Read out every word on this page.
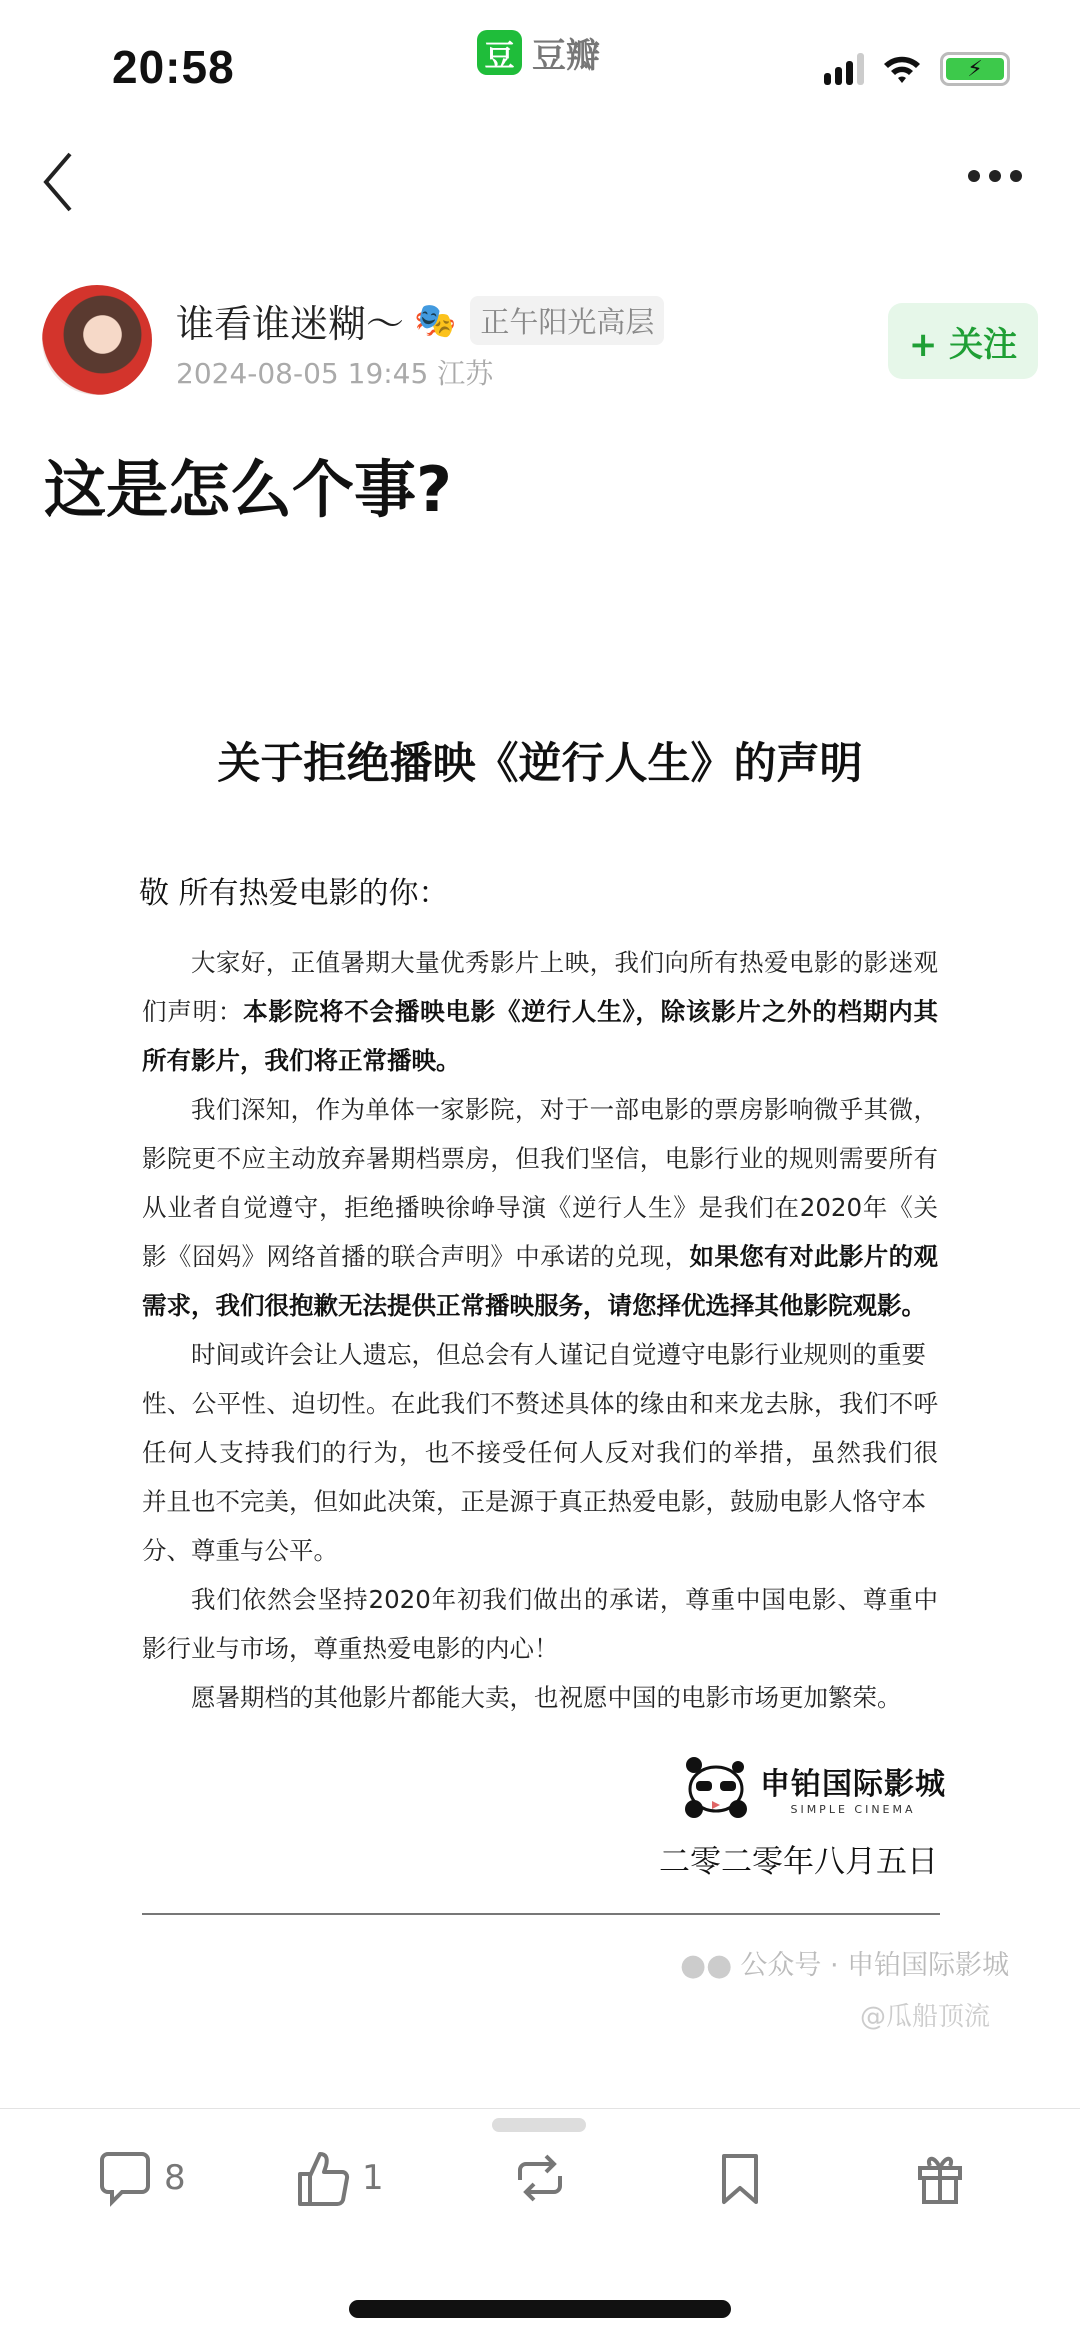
20:58	豆 豆瓣	⚡
谁看谁迷糊～ 🎭 正午阳光高层
2024-08-05 19:45 江苏
+ 关注
这是怎么个事?
关于拒绝播映《逆行人生》的声明
敬 所有热爱电影的你：
大家好，正值暑期大量优秀影片上映，我们向所有热爱电影的影迷观
们声明：本影院将不会播映电影《逆行人生》，除该影片之外的档期内其
所有影片，我们将正常播映。
我们深知，作为单体一家影院，对于一部电影的票房影响微乎其微，
影院更不应主动放弃暑期档票房，但我们坚信，电影行业的规则需要所有
从业者自觉遵守，拒绝播映徐峥导演《逆行人生》是我们在2020年《关
影《囧妈》网络首播的联合声明》中承诺的兑现，如果您有对此影片的观
需求，我们很抱歉无法提供正常播映服务，请您择优选择其他影院观影。
时间或许会让人遗忘，但总会有人谨记自觉遵守电影行业规则的重要
性、公平性、迫切性。在此我们不赘述具体的缘由和来龙去脉，我们不呼
任何人支持我们的行为，也不接受任何人反对我们的举措，虽然我们很
并且也不完美，但如此决策，正是源于真正热爱电影，鼓励电影人恪守本
分、尊重与公平。
我们依然会坚持2020年初我们做出的承诺，尊重中国电影、尊重中
影行业与市场，尊重热爱电影的内心！
愿暑期档的其他影片都能大卖，也祝愿中国的电影市场更加繁荣。
申铂国际影城
SIMPLE CINEMA
二零二零年八月五日
●● 公众号 · 申铂国际影城
@瓜船顶流
8	1
